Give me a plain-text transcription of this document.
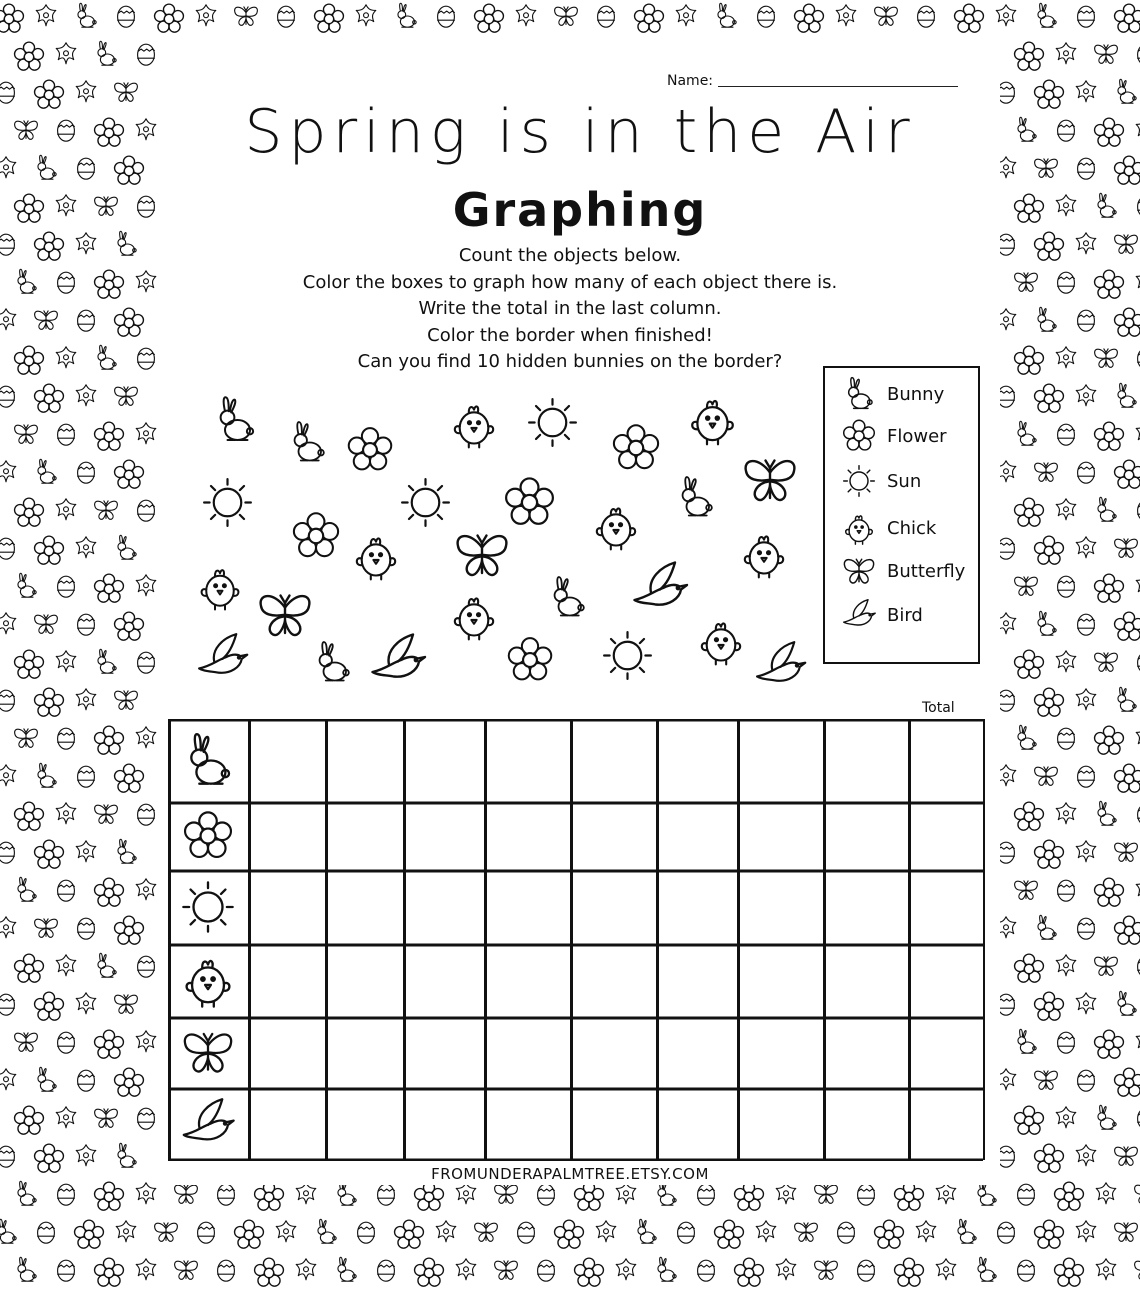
Name:
Spring is in the Air
Graphing
Count the objects below.
Color the boxes to graph how many of each object there is.
Write the total in the last column.
Color the border when finished!
Can you find 10 hidden bunnies on the border?
Bunny
Flower
Sun
Chick
Butterfly
Bird
Total
FROMUNDERAPALMTREE.ETSY.COM
